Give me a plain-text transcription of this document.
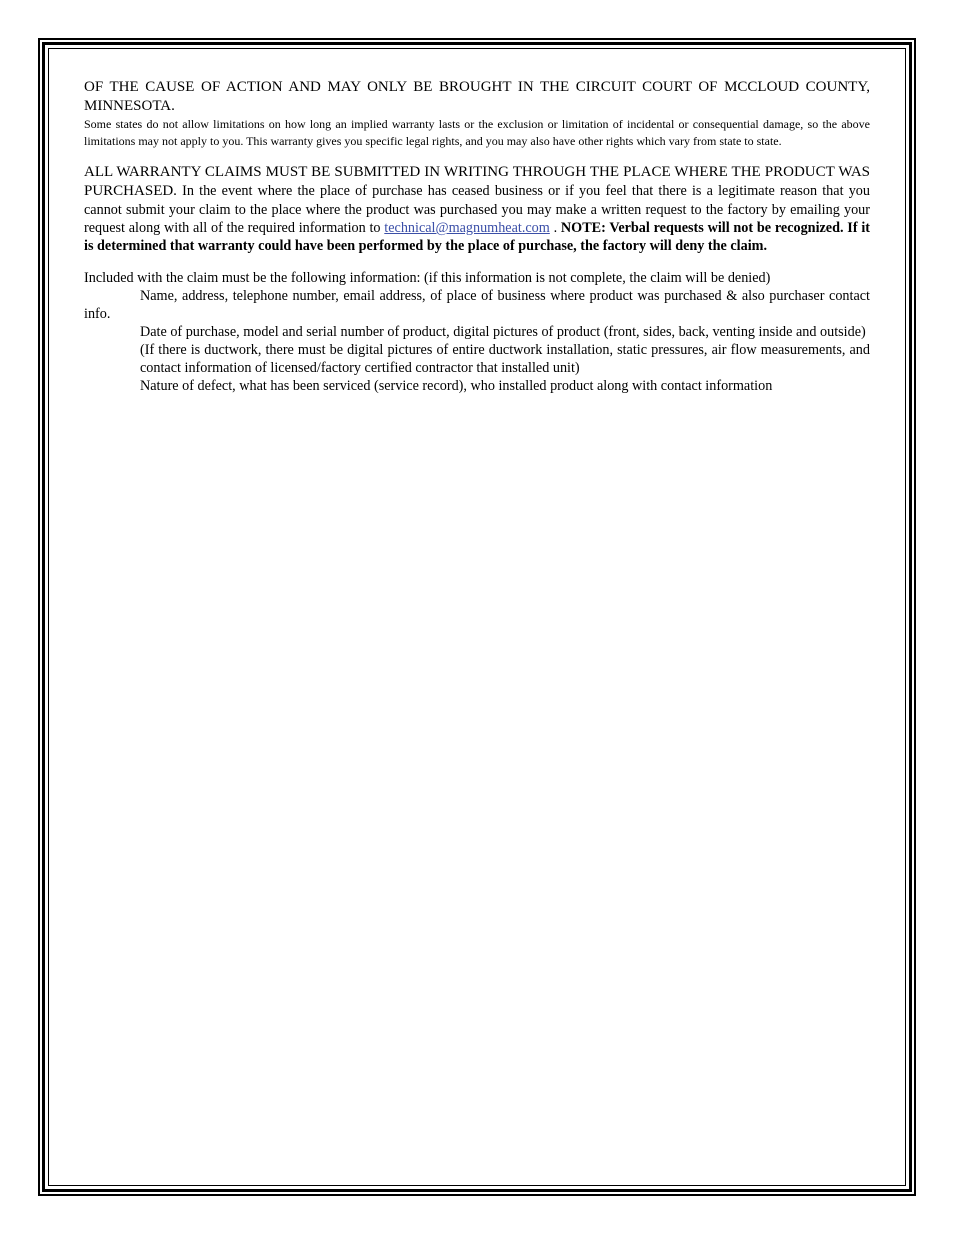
OF THE CAUSE OF ACTION AND MAY ONLY BE BROUGHT IN THE CIRCUIT COURT OF MCCLOUD COUNTY, MINNESOTA.

Some states do not allow limitations on how long an implied warranty lasts or the exclusion or limitation of incidental or consequential damage, so the above limitations may not apply to you. This warranty gives you specific legal rights, and you may also have other rights which vary from state to state.

ALL WARRANTY CLAIMS MUST BE SUBMITTED IN WRITING THROUGH THE PLACE WHERE THE PRODUCT WAS PURCHASED. In the event where the place of purchase has ceased business or if you feel that there is a legitimate reason that you cannot submit your claim to the place where the product was purchased you may make a written request to the factory by emailing your request along with all of the required information to technical@magnumheat.com . NOTE: Verbal requests will not be recognized. If it is determined that warranty could have been performed by the place of purchase, the factory will deny the claim.

Included with the claim must be the following information: (if this information is not complete, the claim will be denied)

Name, address, telephone number, email address, of place of business where product was purchased & also purchaser contact info.

Date of purchase, model and serial number of product, digital pictures of product (front, sides, back, venting inside and outside)

(If there is ductwork, there must be digital pictures of entire ductwork installation, static pressures, air flow measurements, and contact information of licensed/factory certified contractor that installed unit)

Nature of defect, what has been serviced (service record), who installed product along with contact information
